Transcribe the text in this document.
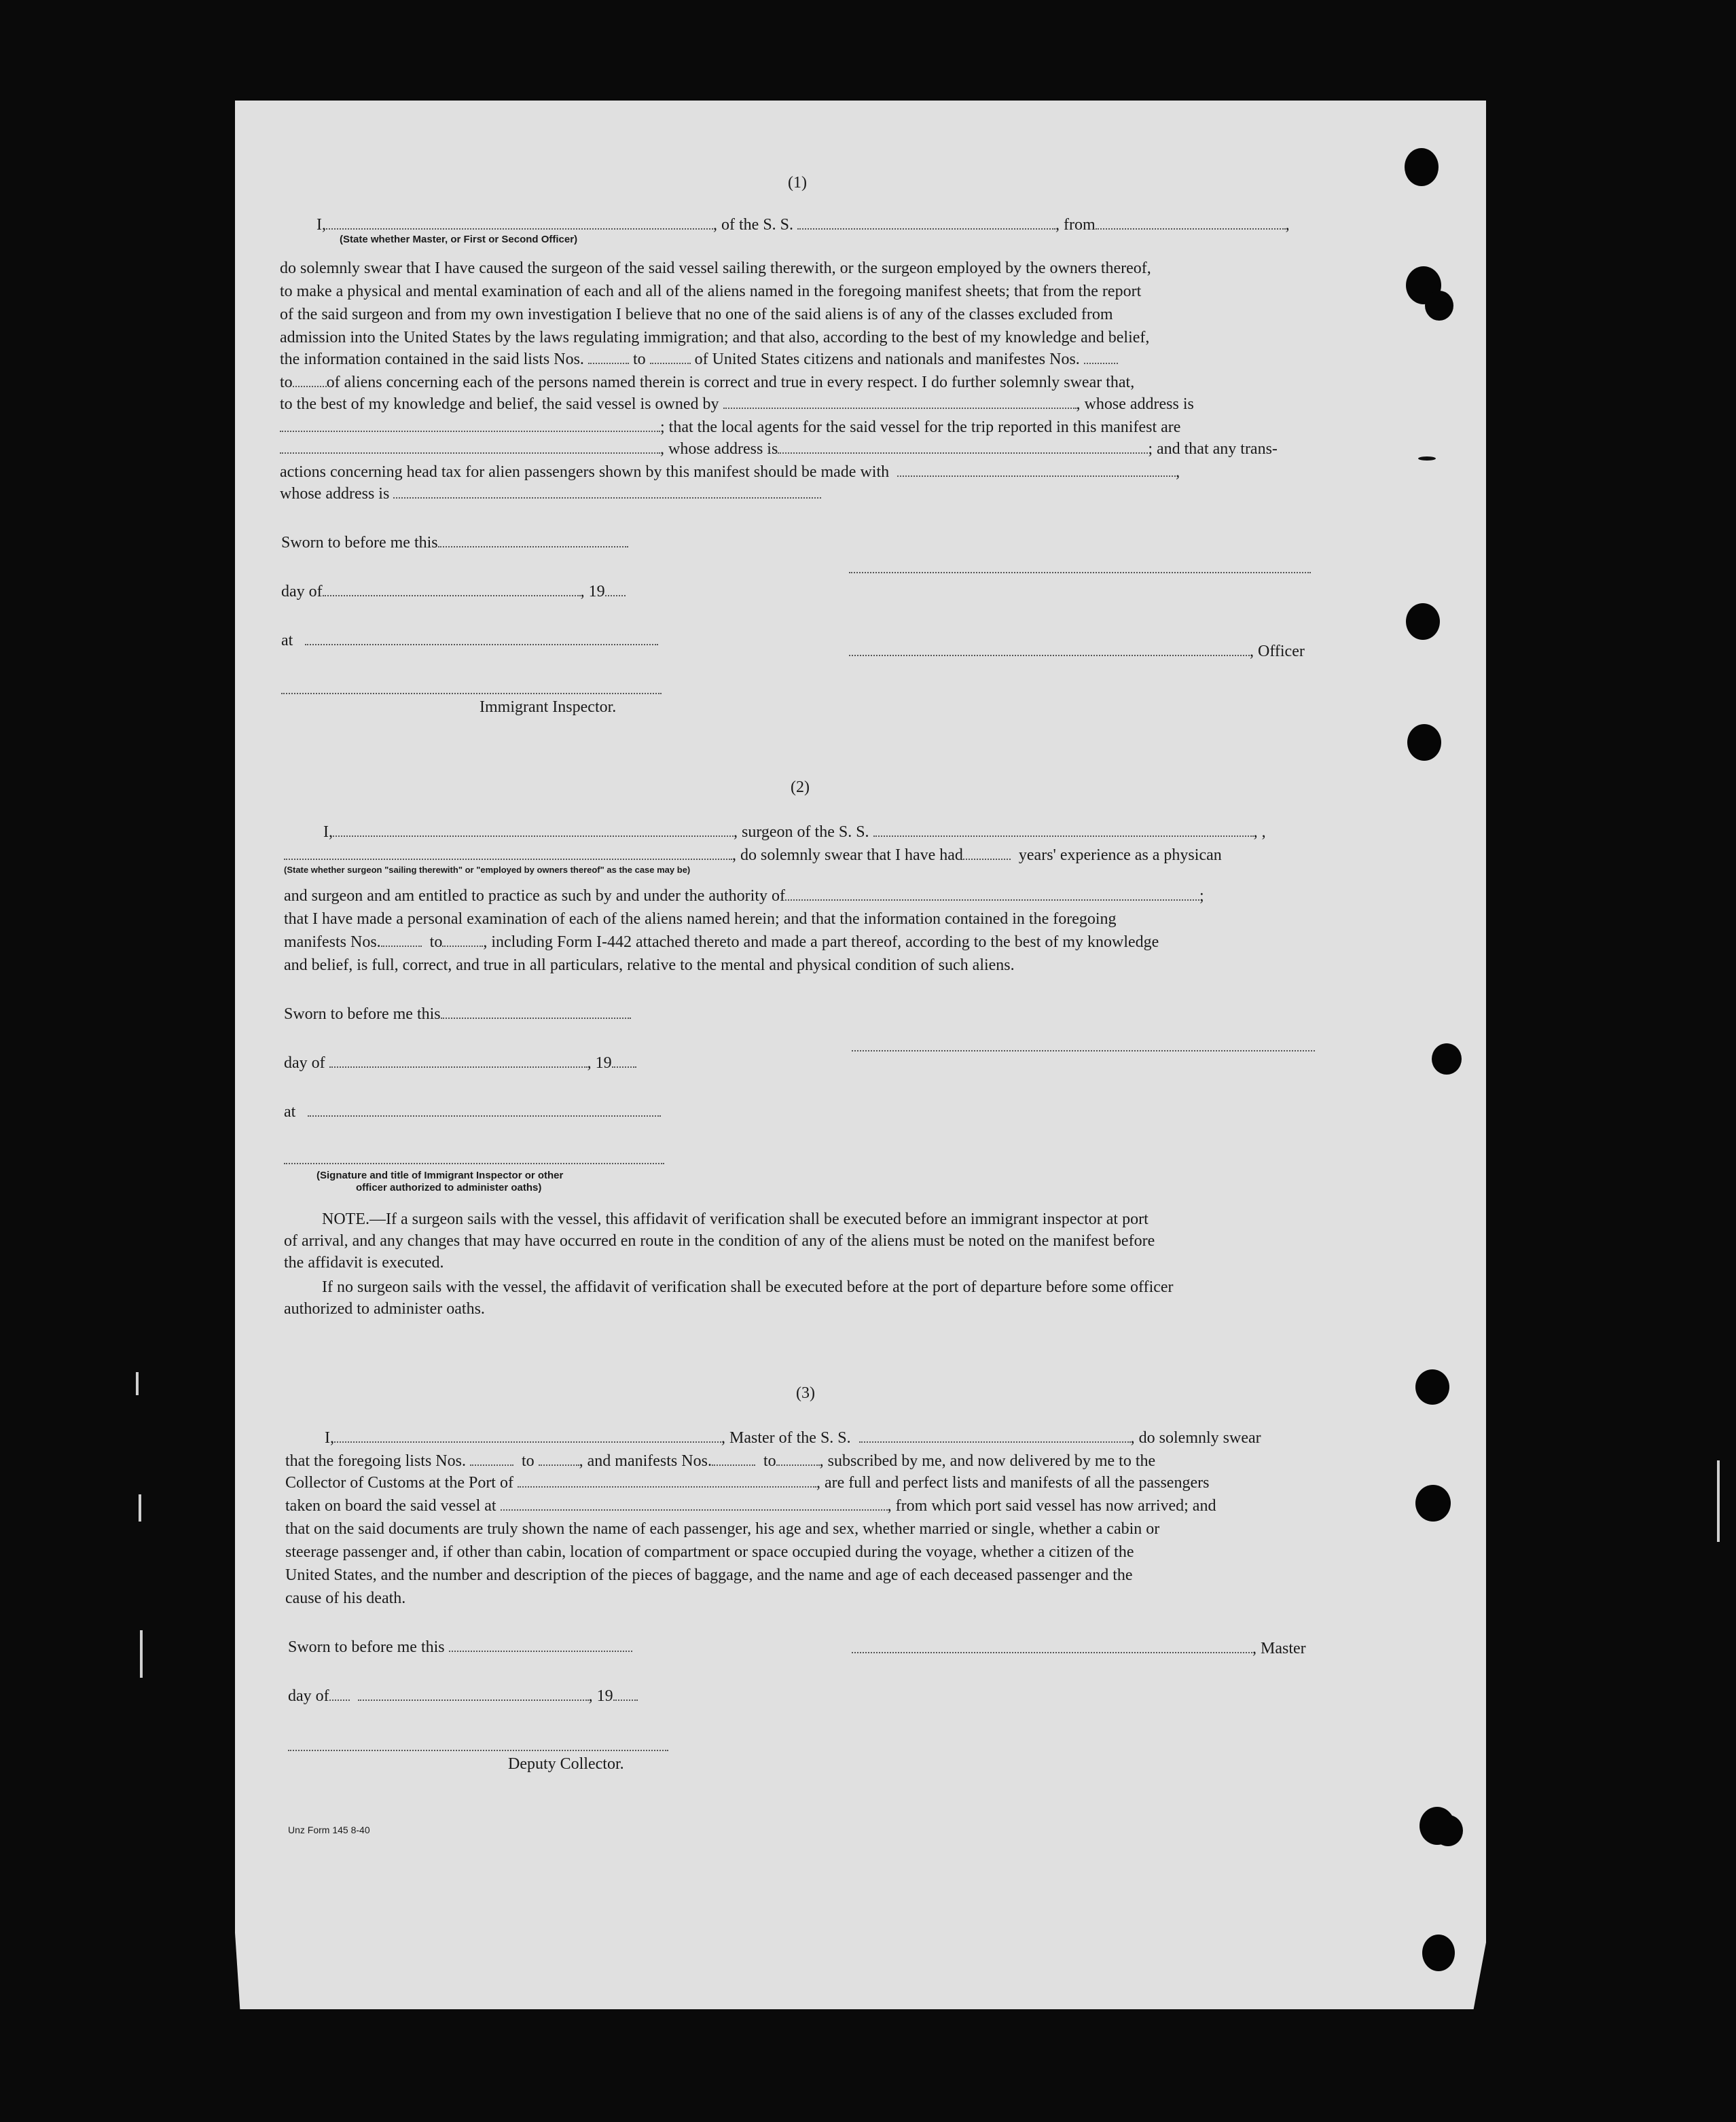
(1)
I,	, of the S. S.	, from	,
(State whether Master, or First or Second Officer)
do solemnly swear that I have caused the surgeon of the said vessel sailing therewith, or the surgeon employed by the owners thereof,
to make a physical and mental examination of each and all of the aliens named in the foregoing manifest sheets; that from the report
of the said surgeon and from my own investigation I believe that no one of the said aliens is of any of the classes excluded from
admission into the United States by the laws regulating immigration; and that also, according to the best of my knowledge and belief,
the information contained in the said lists Nos.	to	of United States citizens and nationals and manifestes Nos.
to of aliens concerning each of the persons named therein is correct and true in every respect. I do further solemnly swear that,
to the best of my knowledge and belief, the said vessel is owned by	, whose address is
; that the local agents for the said vessel for the trip reported in this manifest are
, whose address is	; and that any trans-
actions concerning head tax for alien passengers shown by this manifest should be made with	,
whose address is
Sworn to before me this
day of	, 19
at
, Officer
Immigrant Inspector.
(2)
I,	, surgeon of the S. S.	, ,
, do solemnly swear that I have had	years' experience as a physican
(State whether surgeon "sailing therewith" or "employed by owners thereof" as the case may be)
and surgeon and am entitled to practice as such by and under the authority of	;
that I have made a personal examination of each of the aliens named herein; and that the information contained in the foregoing
manifests Nos.	to	, including Form I-442 attached thereto and made a part thereof, according to the best of my knowledge
and belief, is full, correct, and true in all particulars, relative to the mental and physical condition of such aliens.
Sworn to before me this
day of	, 19
at
(Signature and title of Immigrant Inspector or other
officer authorized to administer oaths)
NOTE.—If a surgeon sails with the vessel, this affidavit of verification shall be executed before an immigrant inspector at port
of arrival, and any changes that may have occurred en route in the condition of any of the aliens must be noted on the manifest before
the affidavit is executed.
If no surgeon sails with the vessel, the affidavit of verification shall be executed before at the port of departure before some officer
authorized to administer oaths.
(3)
I,	, Master of the S. S.	, do solemnly swear
that the foregoing lists Nos.	to	, and manifests Nos.	to	, subscribed by me, and now delivered by me to the
Collector of Customs at the Port of	, are full and perfect lists and manifests of all the passengers
taken on board the said vessel at	, from which port said vessel has now arrived; and
that on the said documents are truly shown the name of each passenger, his age and sex, whether married or single, whether a cabin or
steerage passenger and, if other than cabin, location of compartment or space occupied during the voyage, whether a citizen of the
United States, and the number and description of the pieces of baggage, and the name and age of each deceased passenger and the
cause of his death.
Sworn to before me this	, Master
day of	, 19
Deputy Collector.
Unz Form 145 8-40
